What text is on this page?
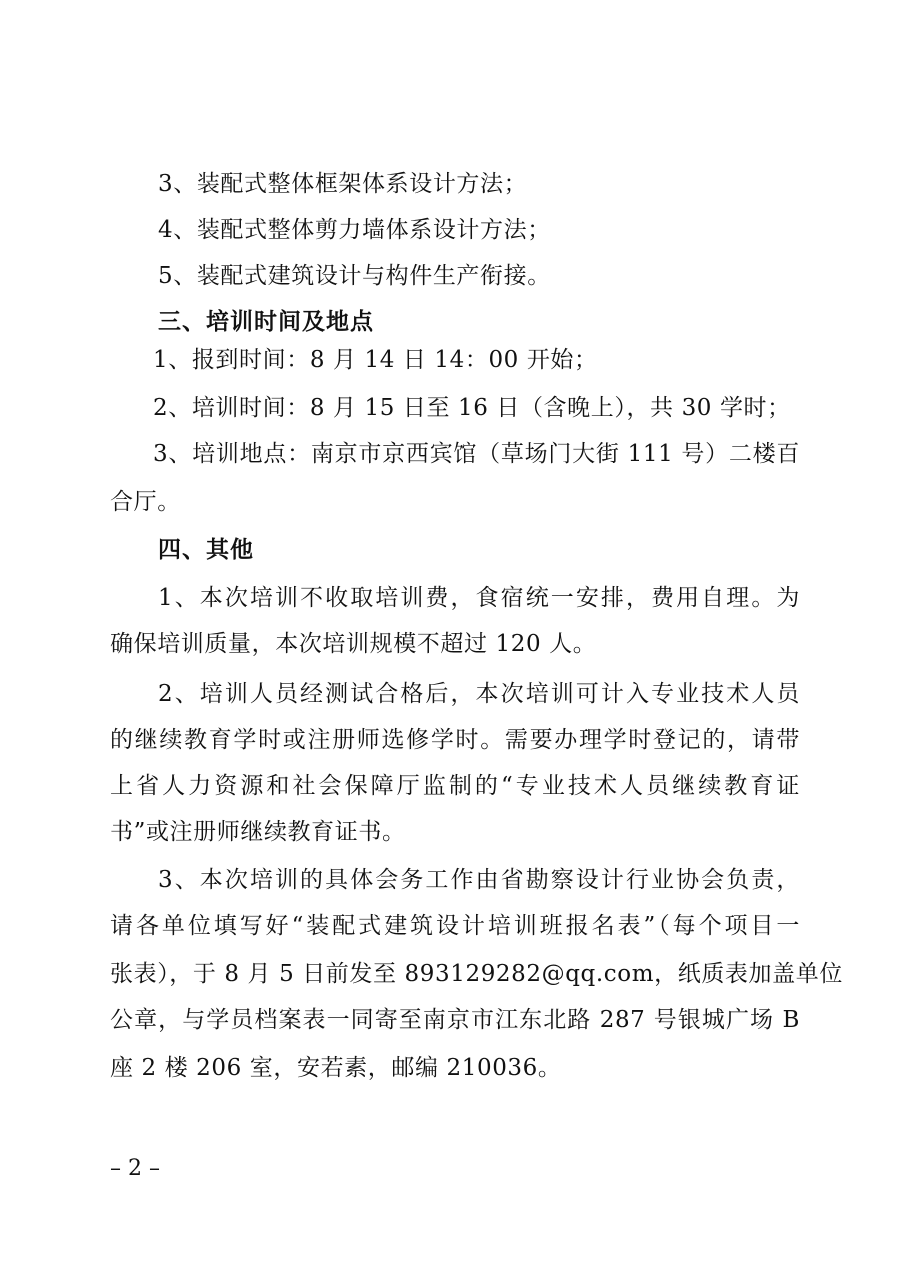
3、装配式整体框架体系设计方法；
4、装配式整体剪力墙体系设计方法；
5、装配式建筑设计与构件生产衔接。
三、培训时间及地点
1、报到时间：8 月 14 日 14：00 开始；
2、培训时间：8 月 15 日至 16 日（含晚上），共 30 学时；
3、培训地点：南京市京西宾馆（草场门大街 111 号）二楼百
合厅。
四、其他
1、本次培训不收取培训费，食宿统一安排，费用自理。为
确保培训质量，本次培训规模不超过 120 人。
2、培训人员经测试合格后，本次培训可计入专业技术人员
的继续教育学时或注册师选修学时。需要办理学时登记的，请带
上省人力资源和社会保障厅监制的“专业技术人员继续教育证
书”或注册师继续教育证书。
3、本次培训的具体会务工作由省勘察设计行业协会负责，
请各单位填写好“装配式建筑设计培训班报名表”（每个项目一
张表），于 8 月 5 日前发至 893129282@qq.com，纸质表加盖单位
公章，与学员档案表一同寄至南京市江东北路 287 号银城广场 B
座 2 楼 206 室，安若素，邮编 210036。
– 2 –
